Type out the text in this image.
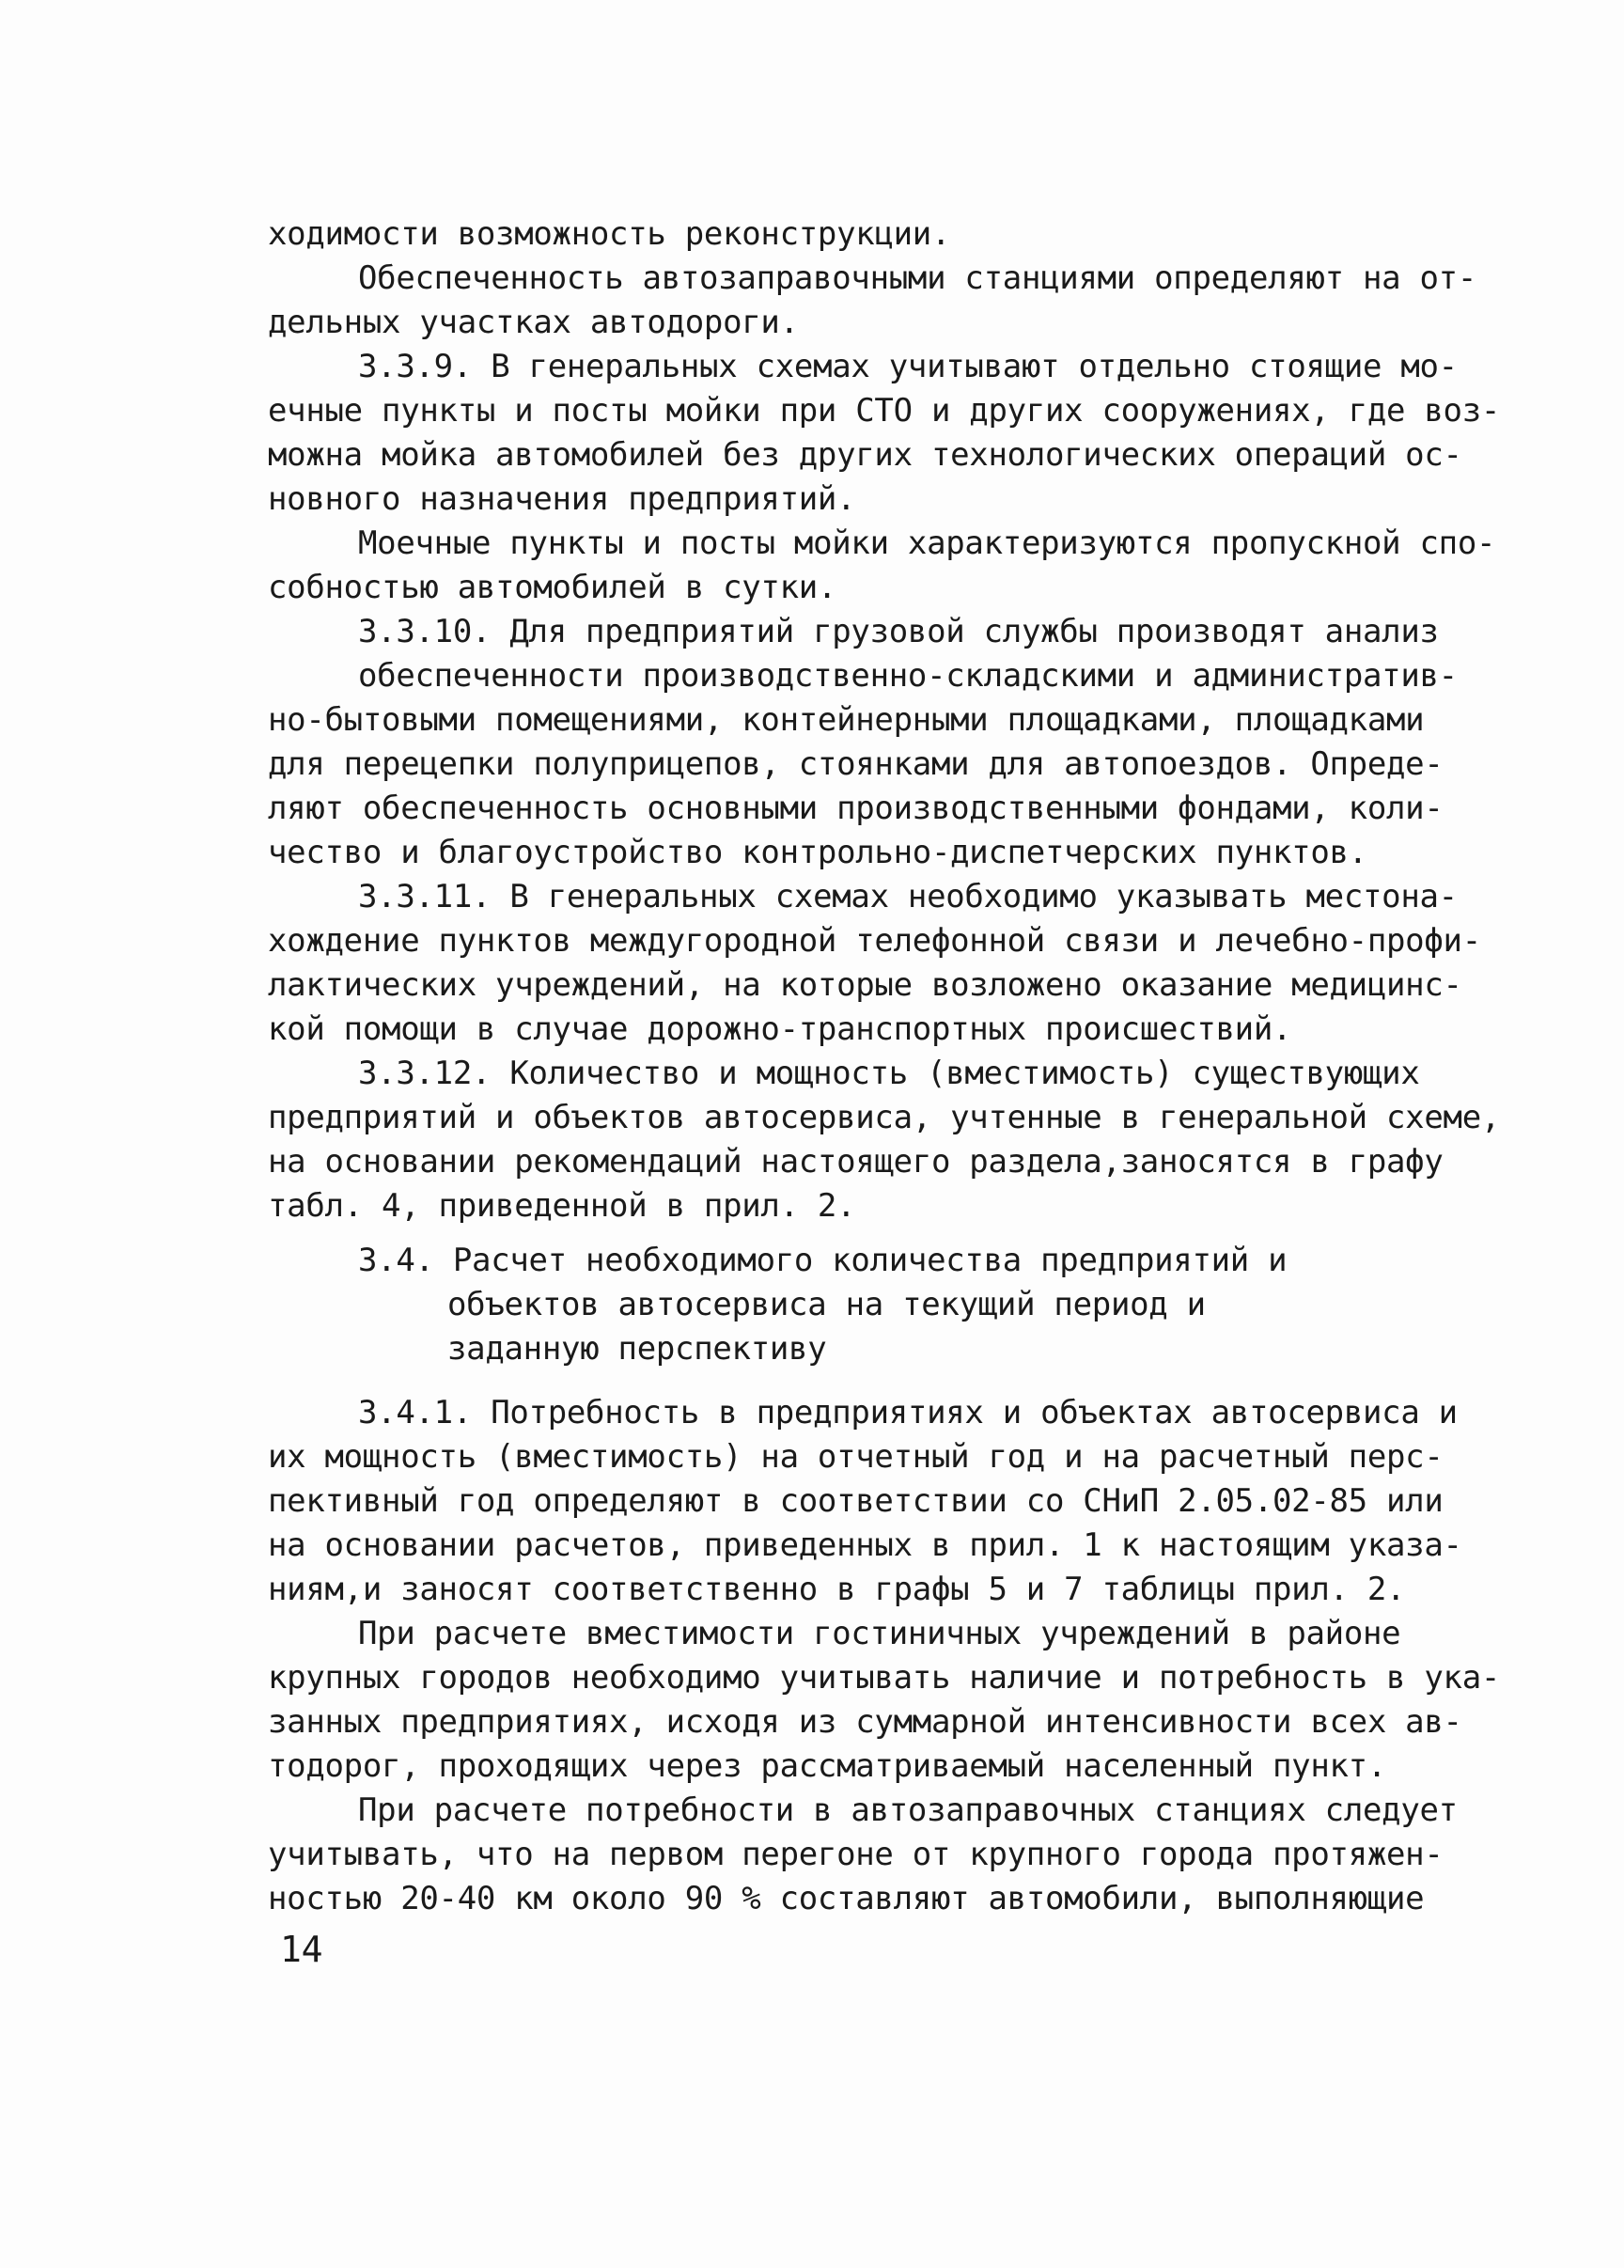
ходимости возможность реконструкции.
Обеспеченность автозаправочными станциями определяют на от-
дельных участках автодороги.
3.3.9. В генеральных схемах учитывают отдельно стоящие мо-
ечные пункты и посты мойки при СТО и других сооружениях, где воз-
можна мойка автомобилей без других технологических операций ос-
новного назначения предприятий.
Моечные пункты и посты мойки характеризуются пропускной спо-
собностью автомобилей в сутки.
3.3.10. Для предприятий грузовой службы производят анализ
обеспеченности производственно-складскими и административ-
но-бытовыми помещениями, контейнерными площадками, площадками
для перецепки полуприцепов, стоянками для автопоездов. Опреде-
ляют обеспеченность основными производственными фондами, коли-
чество и благоустройство контрольно-диспетчерских пунктов.
3.3.11. В генеральных схемах необходимо указывать местона-
хождение пунктов междугородной телефонной связи и лечебно-профи-
лактических учреждений, на которые возложено оказание медицинс-
кой помощи в случае дорожно-транспортных происшествий.
3.3.12. Количество и мощность (вместимость) существующих
предприятий и объектов автосервиса, учтенные в генеральной схеме,
на основании рекомендаций настоящего раздела,заносятся в графу
табл. 4, приведенной в прил. 2.
3.4. Расчет необходимого количества предприятий и
объектов автосервиса на текущий период и
заданную перспективу
3.4.1. Потребность в предприятиях и объектах автосервиса и
их мощность (вместимость) на отчетный год и на расчетный перс-
пективный год определяют в соответствии со СНиП 2.05.02-85 или
на основании расчетов, приведенных в прил. 1 к настоящим указа-
ниям,и заносят соответственно в графы 5 и 7 таблицы прил. 2.
При расчете вместимости гостиничных учреждений в районе
крупных городов необходимо учитывать наличие и потребность в ука-
занных предприятиях, исходя из суммарной интенсивности всех ав-
тодорог, проходящих через рассматриваемый населенный пункт.
При расчете потребности в автозаправочных станциях следует
учитывать, что на первом перегоне от крупного города протяжен-
ностью 20-40 км около 90 % составляют автомобили, выполняющие
14
